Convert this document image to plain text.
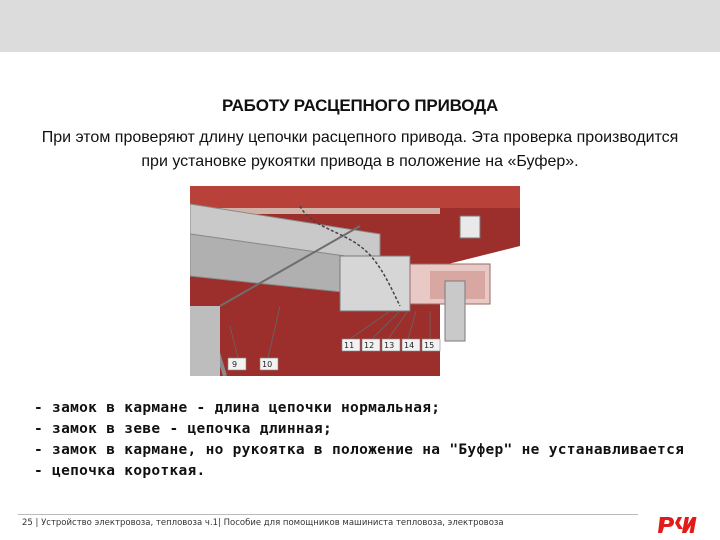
РАБОТУ РАСЦЕПНОГО ПРИВОДА
При этом проверяют длину цепочки расцепного привода. Эта проверка производится при установке рукоятки привода в положение на «Буфер».
9	10
11 12 13 14 15
- замок в кармане - длина цепочки нормальная;
- замок в зеве - цепочка длинная;
- замок в кармане, но рукоятка в положение на "Буфер" не устанавливается - цепочка короткая.
25 | Устройство электровоза, тепловоза ч.1| Пособие для помощников машиниста тепловоза, электровоза
